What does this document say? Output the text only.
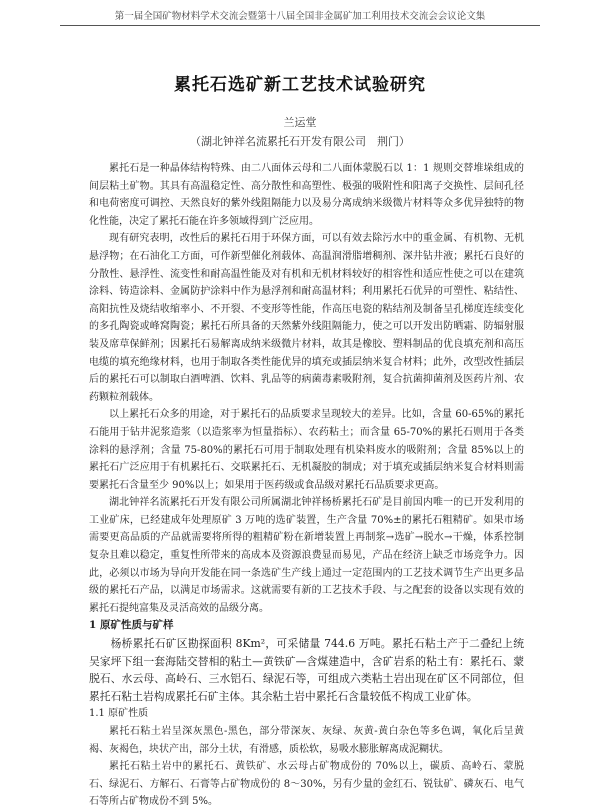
第一届全国矿物材料学术交流会暨第十八届全国非金属矿加工利用技术交流会会议论文集
累托石选矿新工艺技术试验研究
兰运堂
（湖北钟祥名流累托石开发有限公司　荆门）

累托石是一种晶体结构特殊、由二八面体云母和二八面体蒙脱石以 1：1 规则交替堆垛组成的间层粘土矿物。其具有高温稳定性、高分散性和高塑性、极强的吸附性和阳离子交换性、层间孔径和电荷密度可调控、天然良好的紫外线阻隔能力以及易分离成纳米级微片材料等众多优异独特的物化性能，决定了累托石能在许多领域得到广泛应用。

现有研究表明，改性后的累托石用于环保方面，可以有效去除污水中的重金属、有机物、无机悬浮物；在石油化工方面，可作新型催化剂载体、高温润滑脂增稠剂、深井钻井液；累托石良好的分散性、悬浮性、流变性和耐高温性能及对有机和无机材料较好的相容性和适应性使之可以在建筑涂料、铸造涂料、金属防护涂料中作为悬浮剂和耐高温材料；利用累托石优异的可塑性、粘结性、高阳抗性及烧结收缩率小、不开裂、不变形等性能，作高压电瓷的粘结剂及制备呈孔梯度连续变化的多孔陶瓷或峰窝陶瓷；累托石所具备的天然紫外线阻隔能力，使之可以开发出防晒霜、防辐射服装及席草保鲜剂；因累托石易解离成纳米级微片材料，故其是橡胶、塑料制品的优良填充剂和高压电缆的填充绝缘材料，也用于制取各类性能优异的填充或插层纳米复合材料；此外，改型改性插层后的累托石可以制取白酒啤酒、饮料、乳品等的病菌毒素吸附剂，复合抗菌抑菌剂及医药片剂、农药颗粒剂载体。

以上累托石众多的用途，对于累托石的品质要求呈现较大的差异。比如，含量 60-65%的累托石能用于钻井泥浆造浆（以造浆率为恒量指标）、农药粘土；而含量 65-70%的累托石则用于各类涂料的悬浮剂；含量 75-80%的累托石可用于制取处理有机染料废水的吸附剂；含量 85%以上的累托石广泛应用于有机累托石、交联累托石、无机凝胶的制成；对于填充或插层纳米复合材料则需要累托石含量至少 90%以上；如果用于医药级或食品级对累托石品质要求更高。

湖北钟祥名流累托石开发有限公司所属湖北钟祥杨桥累托石矿是目前国内唯一的已开发利用的工业矿床，已经建成年处理原矿 3 万吨的选矿装置，生产含量 70%±的累托石粗精矿。如果市场需要更高品质的产品就需要将所得的粗精矿粉在新增装置上再制浆→选矿→脱水→干燥，体系控制复杂且难以稳定，重复性所带来的高成本及资源浪费显而易见，产品在经济上缺乏市场竞争力。因此，必须以市场为导向开发能在同一条选矿生产线上通过一定范围内的工艺技术调节生产出更多品级的累托石产品，以满足市场需求。这就需要有新的工艺技术手段、与之配套的设备以实现有效的累托石提纯富集及灵活高效的品级分离。

1 原矿性质与矿样

杨桥累托石矿区勘探面积 8Km²，可采储量 744.6 万吨。累托石粘土产于二叠纪上统吴家坪下组一套海陆交替相的粘土—黄铁矿—含煤建造中，含矿岩系的粘土有：累托石、蒙脱石、水云母、高岭石、三水铝石、绿泥石等，可组成六类粘土岩出现在矿区不同部位，但累托石粘土岩构成累托石矿主体。其余粘土岩中累托石含量较低不构成工业矿体。

1.1 原矿性质

累托石粘土岩呈深灰黑色-黑色，部分带深灰、灰绿、灰黄-黄白杂色等多色调，氧化后呈黄褐、灰褐色，块状产出，部分土状，有滑感，质松软，易吸水膨胀解离成泥糊状。

累托石粘土岩中的累托石、黄铁矿、水云母占矿物成份的 70%以上，碳质、高岭石、蒙脱石、绿泥石、方解石、石膏等占矿物成份的 8～30%，另有少量的金红石、锐钛矿、磷灰石、电气石等所占矿物成份不到 5%。
